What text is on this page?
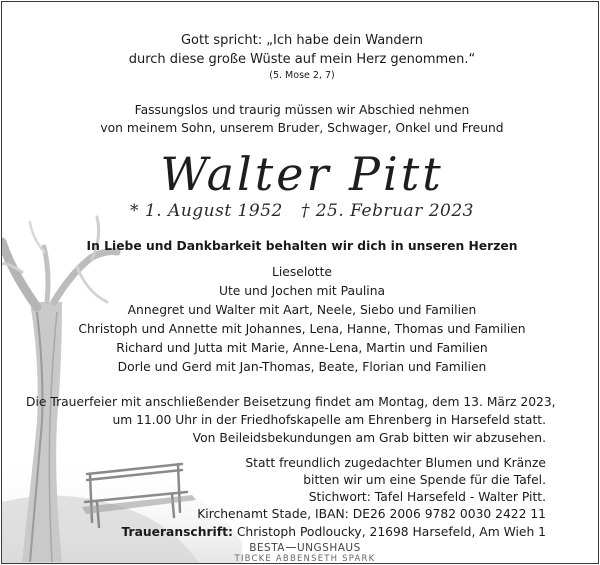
Gott spricht: „Ich habe dein Wandern
durch diese große Wüste auf mein Herz genommen.“
(5. Mose 2, 7)
Fassungslos und traurig müssen wir Abschied nehmen
von meinem Sohn, unserem Bruder, Schwager, Onkel und Freund
Walter Pitt
* 1. August 1952 † 25. Februar 2023
In Liebe und Dankbarkeit behalten wir dich in unseren Herzen
Lieselotte
Ute und Jochen mit Paulina
Annegret und Walter mit Aart, Neele, Siebo und Familien
Christoph und Annette mit Johannes, Lena, Hanne, Thomas und Familien
Richard und Jutta mit Marie, Anne-Lena, Martin und Familien
Dorle und Gerd mit Jan-Thomas, Beate, Florian und Familien
Die Trauerfeier mit anschließender Beisetzung findet am Montag, dem 13. März 2023,
um 11.00 Uhr in der Friedhofskapelle am Ehrenberg in Harsefeld statt.
Von Beileidsbekundungen am Grab bitten wir abzusehen.
Statt freundlich zugedachter Blumen und Kränze
bitten wir um eine Spende für die Tafel.
Stichwort: Tafel Harsefeld - Walter Pitt.
Kirchenamt Stade, IBAN: DE26 2006 9782 0030 2422 11
Traueranschrift: Christoph Podloucky, 21698 Harsefeld, Am Wieh 1
BESTA UNGSHAUS
TIBCKE ABBENSETH SPARK
